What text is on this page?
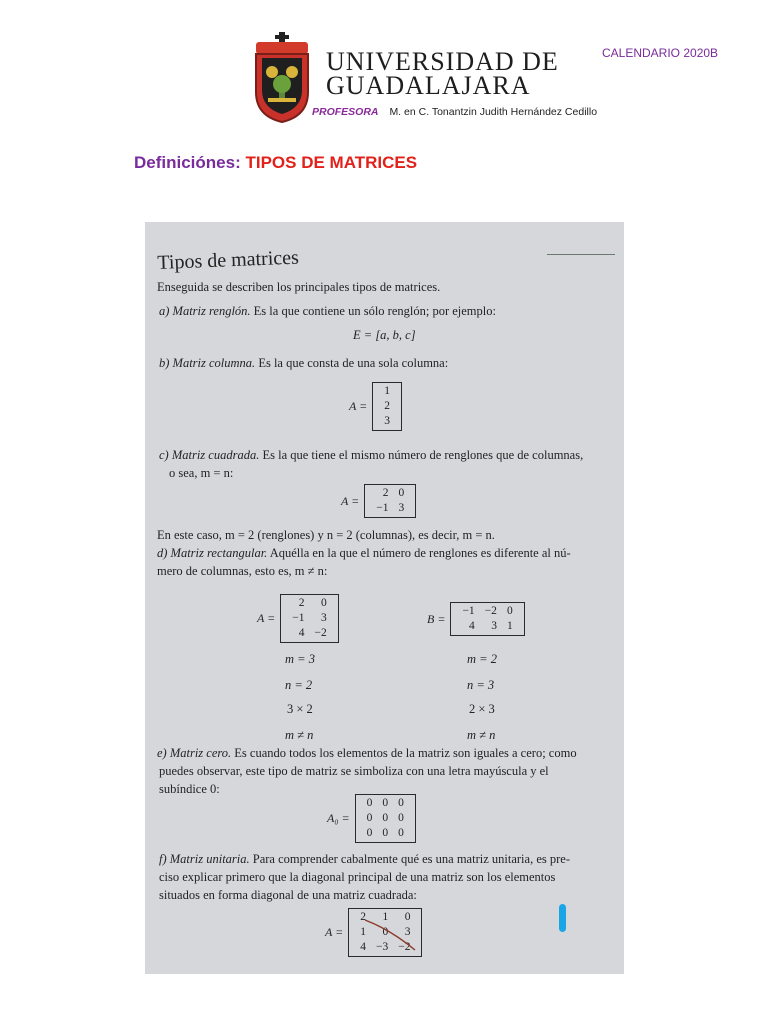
UNIVERSIDAD DE
GUADALAJARA
CALENDARIO 2020B
PROFESORA M. en C. Tonantzin Judith Hernández Cedillo
Definiciónes: TIPOS DE MATRICES
Tipos de matrices
Enseguida se describen los principales tipos de matrices.
a) Matriz renglón. Es la que contiene un sólo renglón; por ejemplo:
E = [a, b, c]
b) Matriz columna. Es la que consta de una sola columna:
A =
1
2
3
c) Matriz cuadrada. Es la que tiene el mismo número de renglones que de columnas,
o sea, m = n:
A =
2	0
−1	3
En este caso, m = 2 (renglones) y n = 2 (columnas), es decir, m = n.
d) Matriz rectangular. Aquélla en la que el número de renglones es diferente al nú-
mero de columnas, esto es, m ≠ n:
A =
2	0
−1	3
4	−2
B =
−1	−2	0
4	3	1
m = 3
n = 2
3 × 2
m ≠ n
m = 2
n = 3
2 × 3
m ≠ n
e) Matriz cero. Es cuando todos los elementos de la matriz son iguales a cero; como
puedes observar, este tipo de matriz se simboliza con una letra mayúscula y el
subíndice 0:
A₀ =
0	0	0
0	0	0
0	0	0
f) Matriz unitaria. Para comprender cabalmente qué es una matriz unitaria, es pre-
ciso explicar primero que la diagonal principal de una matriz son los elementos
situados en forma diagonal de una matriz cuadrada:
A =
2	1	0
1	0	3
4	−3	−2
